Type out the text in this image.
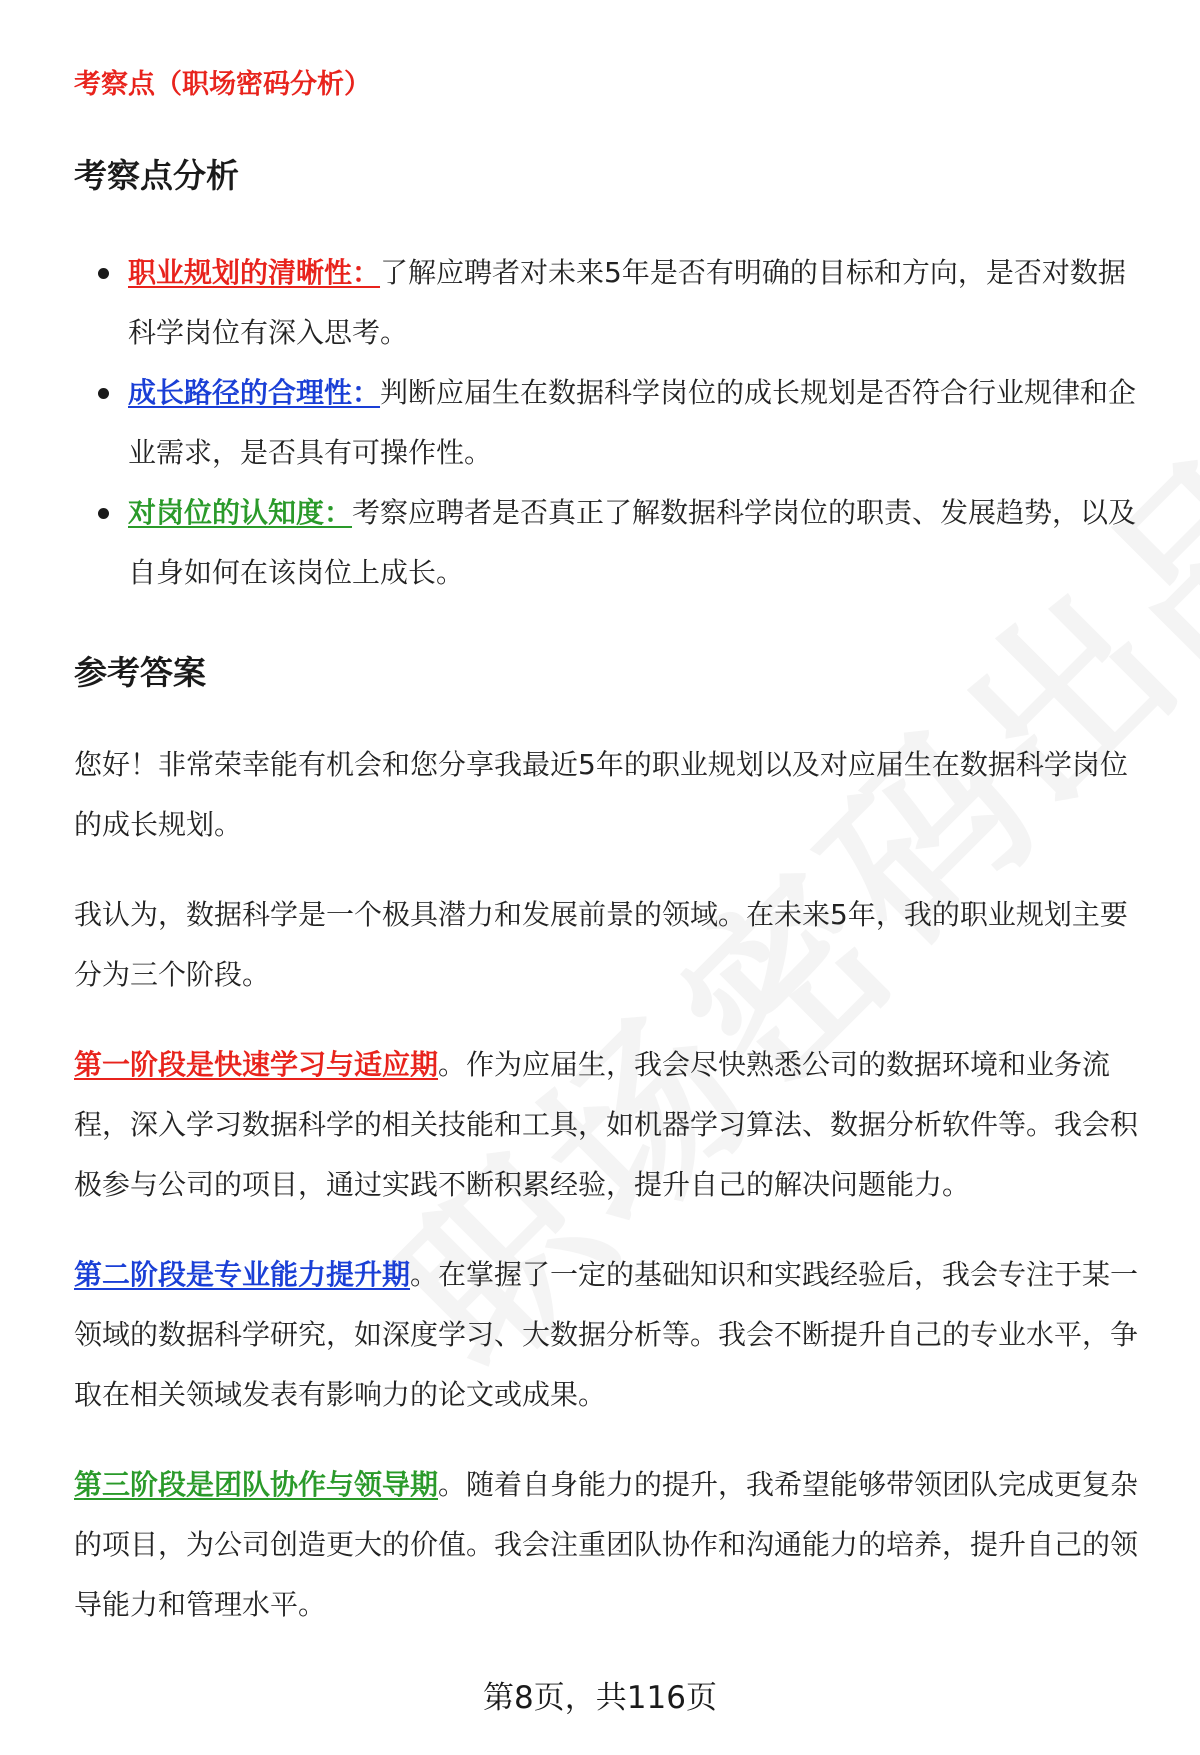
考察点（职场密码分析）
考察点分析
职业规划的清晰性：了解应聘者对未来5年是否有明确的目标和方向，是否对数据科学岗位有深入思考。
成长路径的合理性：判断应届生在数据科学岗位的成长规划是否符合行业规律和企业需求，是否具有可操作性。
对岗位的认知度：考察应聘者是否真正了解数据科学岗位的职责、发展趋势，以及自身如何在该岗位上成长。
参考答案

您好！非常荣幸能有机会和您分享我最近5年的职业规划以及对应届生在数据科学岗位的成长规划。

我认为，数据科学是一个极具潜力和发展前景的领域。在未来5年，我的职业规划主要分为三个阶段。

第一阶段是快速学习与适应期。作为应届生，我会尽快熟悉公司的数据环境和业务流程，深入学习数据科学的相关技能和工具，如机器学习算法、数据分析软件等。我会积极参与公司的项目，通过实践不断积累经验，提升自己的解决问题能力。

第二阶段是专业能力提升期。在掌握了一定的基础知识和实践经验后，我会专注于某一领域的数据科学研究，如深度学习、大数据分析等。我会不断提升自己的专业水平，争取在相关领域发表有影响力的论文或成果。

第三阶段是团队协作与领导期。随着自身能力的提升，我希望能够带领团队完成更复杂的项目，为公司创造更大的价值。我会注重团队协作和沟通能力的培养，提升自己的领导能力和管理水平。

第8页，共116页
